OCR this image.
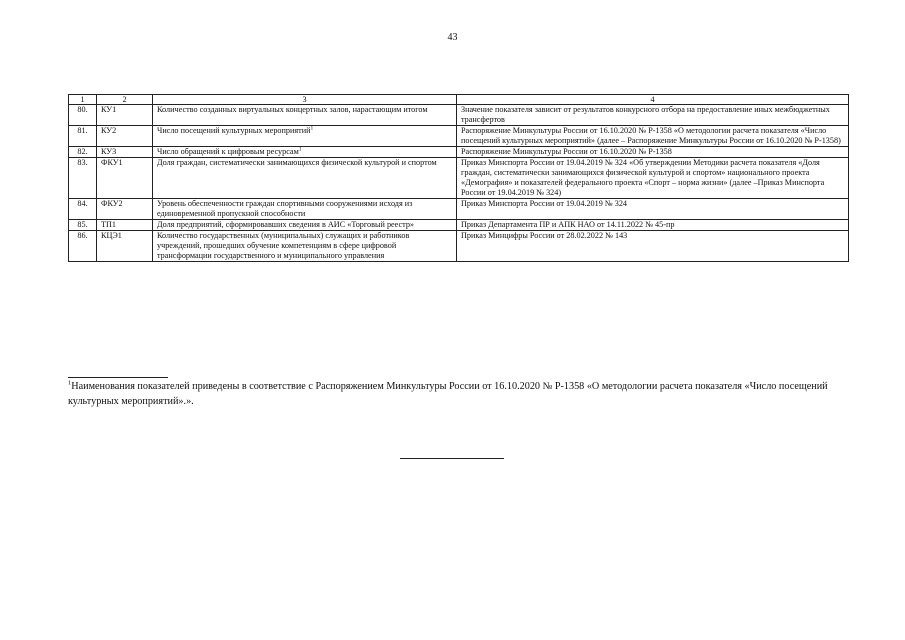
43
1	2	3	4
80.	КУ1	Количество созданных виртуальных концертных залов, нарастающим итогом	Значение показателя зависит от результатов конкурсного отбора на предоставление иных межбюджетных трансфертов
81.	КУ2	Число посещений культурных мероприятий$^1$	Распоряжение Минкультуры России от 16.10.2020 № Р-1358 «О методологии расчета показателя «Число посещений культурных мероприятий» (далее – Распоряжение Минкультуры России от 16.10.2020 № Р-1358)
82.	КУ3	Число обращений к цифровым ресурсам$^1$	Распоряжение Минкультуры России от 16.10.2020 № Р-1358
83.	ФКУ1	Доля граждан, систематически занимающихся физической культурой и спортом	Приказ Минспорта России от 19.04.2019 № 324 «Об утверждении Методики расчета показателя «Доля граждан, систематически занимающихся физической культурой и спортом» национального проекта «Демография» и показателей федерального проекта «Спорт – норма жизни» (далее –Приказ Минспорта России от 19.04.2019 № 324)
84.	ФКУ2	Уровень обеспеченности граждан спортивными сооружениями исходя из единовременной пропускной способности	Приказ Минспорта России от 19.04.2019 № 324
85.	ТП1	Доля предприятий, сформировавших сведения в АИС «Торговый реестр»	Приказ Департамента ПР и АПК НАО от 14.11.2022 № 45-пр
86.	КЦЭ1	Количество государственных (муниципальных) служащих и работников учреждений, прошедших обучение компетенциям в сфере цифровой трансформации государственного и муниципального управления	Приказ Минцифры России от 28.02.2022 № 143
$^1$Наименования показателей приведены в соответствие с Распоряжением Минкультуры России от 16.10.2020 № Р-1358 «О методологии расчета показателя «Число посещений культурных мероприятий».».
